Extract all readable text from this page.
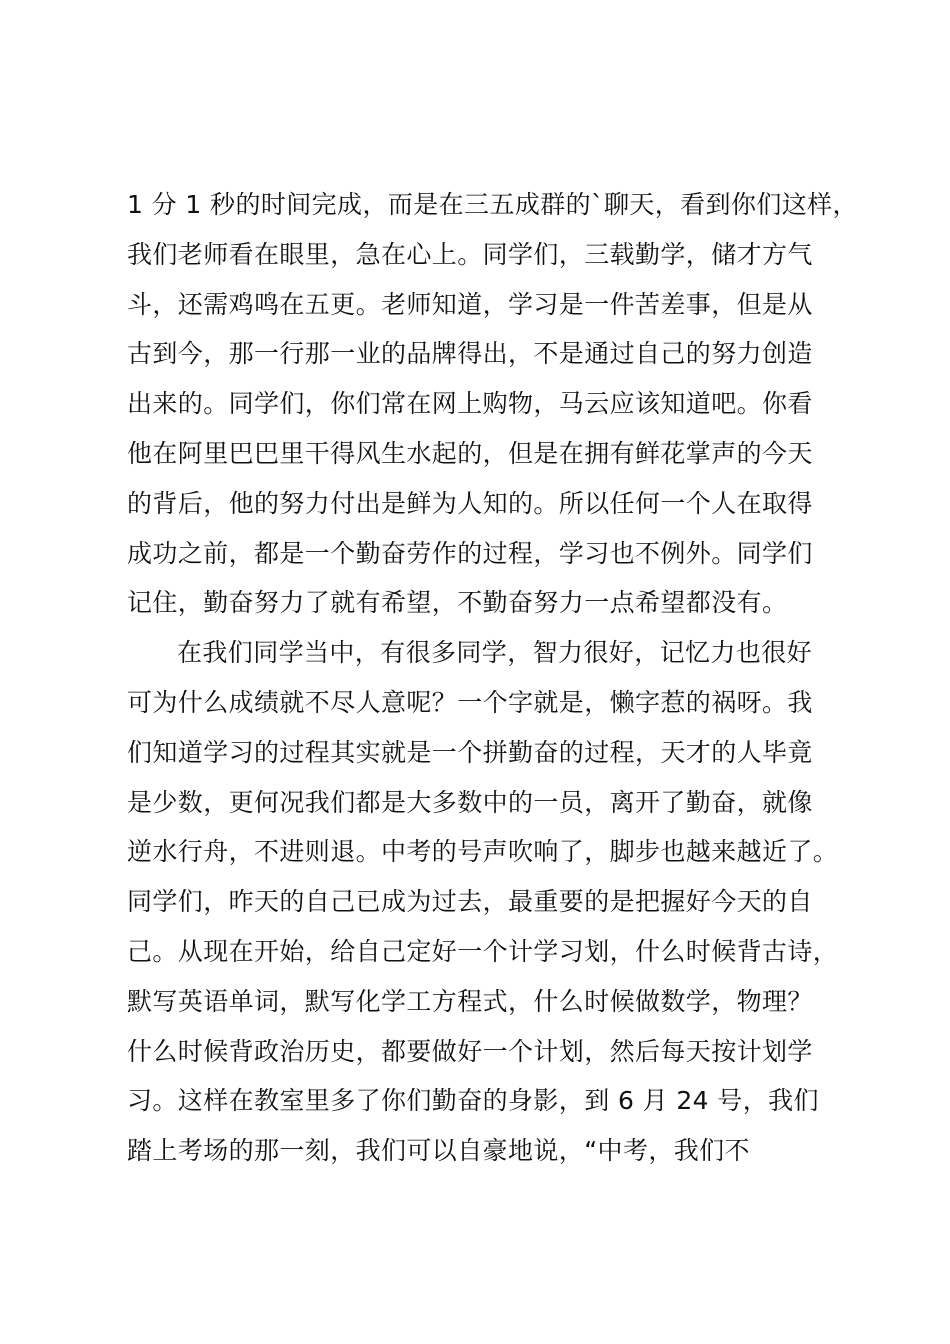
1 分 1 秒的时间完成，而是在三五成群的`聊天，看到你们这样，
我们老师看在眼里，急在心上。同学们，三载勤学，储才方气
斗，还需鸡鸣在五更。老师知道，学习是一件苦差事，但是从
古到今，那一行那一业的品牌得出，不是通过自己的努力创造
出来的。同学们，你们常在网上购物，马云应该知道吧。你看
他在阿里巴巴里干得风生水起的，但是在拥有鲜花掌声的今天
的背后，他的努力付出是鲜为人知的。所以任何一个人在取得
成功之前，都是一个勤奋劳作的过程，学习也不例外。同学们
记住，勤奋努力了就有希望，不勤奋努力一点希望都没有。
在我们同学当中，有很多同学，智力很好，记忆力也很好
可为什么成绩就不尽人意呢？一个字就是，懒字惹的祸呀。我
们知道学习的过程其实就是一个拼勤奋的过程，天才的人毕竟
是少数，更何况我们都是大多数中的一员，离开了勤奋，就像
逆水行舟，不进则退。中考的号声吹响了，脚步也越来越近了。
同学们，昨天的自己已成为过去，最重要的是把握好今天的自
己。从现在开始，给自己定好一个计学习划，什么时候背古诗，
默写英语单词，默写化学工方程式，什么时候做数学，物理？
什么时候背政治历史，都要做好一个计划，然后每天按计划学
习。这样在教室里多了你们勤奋的身影，到 6 月 24 号，我们
踏上考场的那一刻，我们可以自豪地说，“中考，我们不
